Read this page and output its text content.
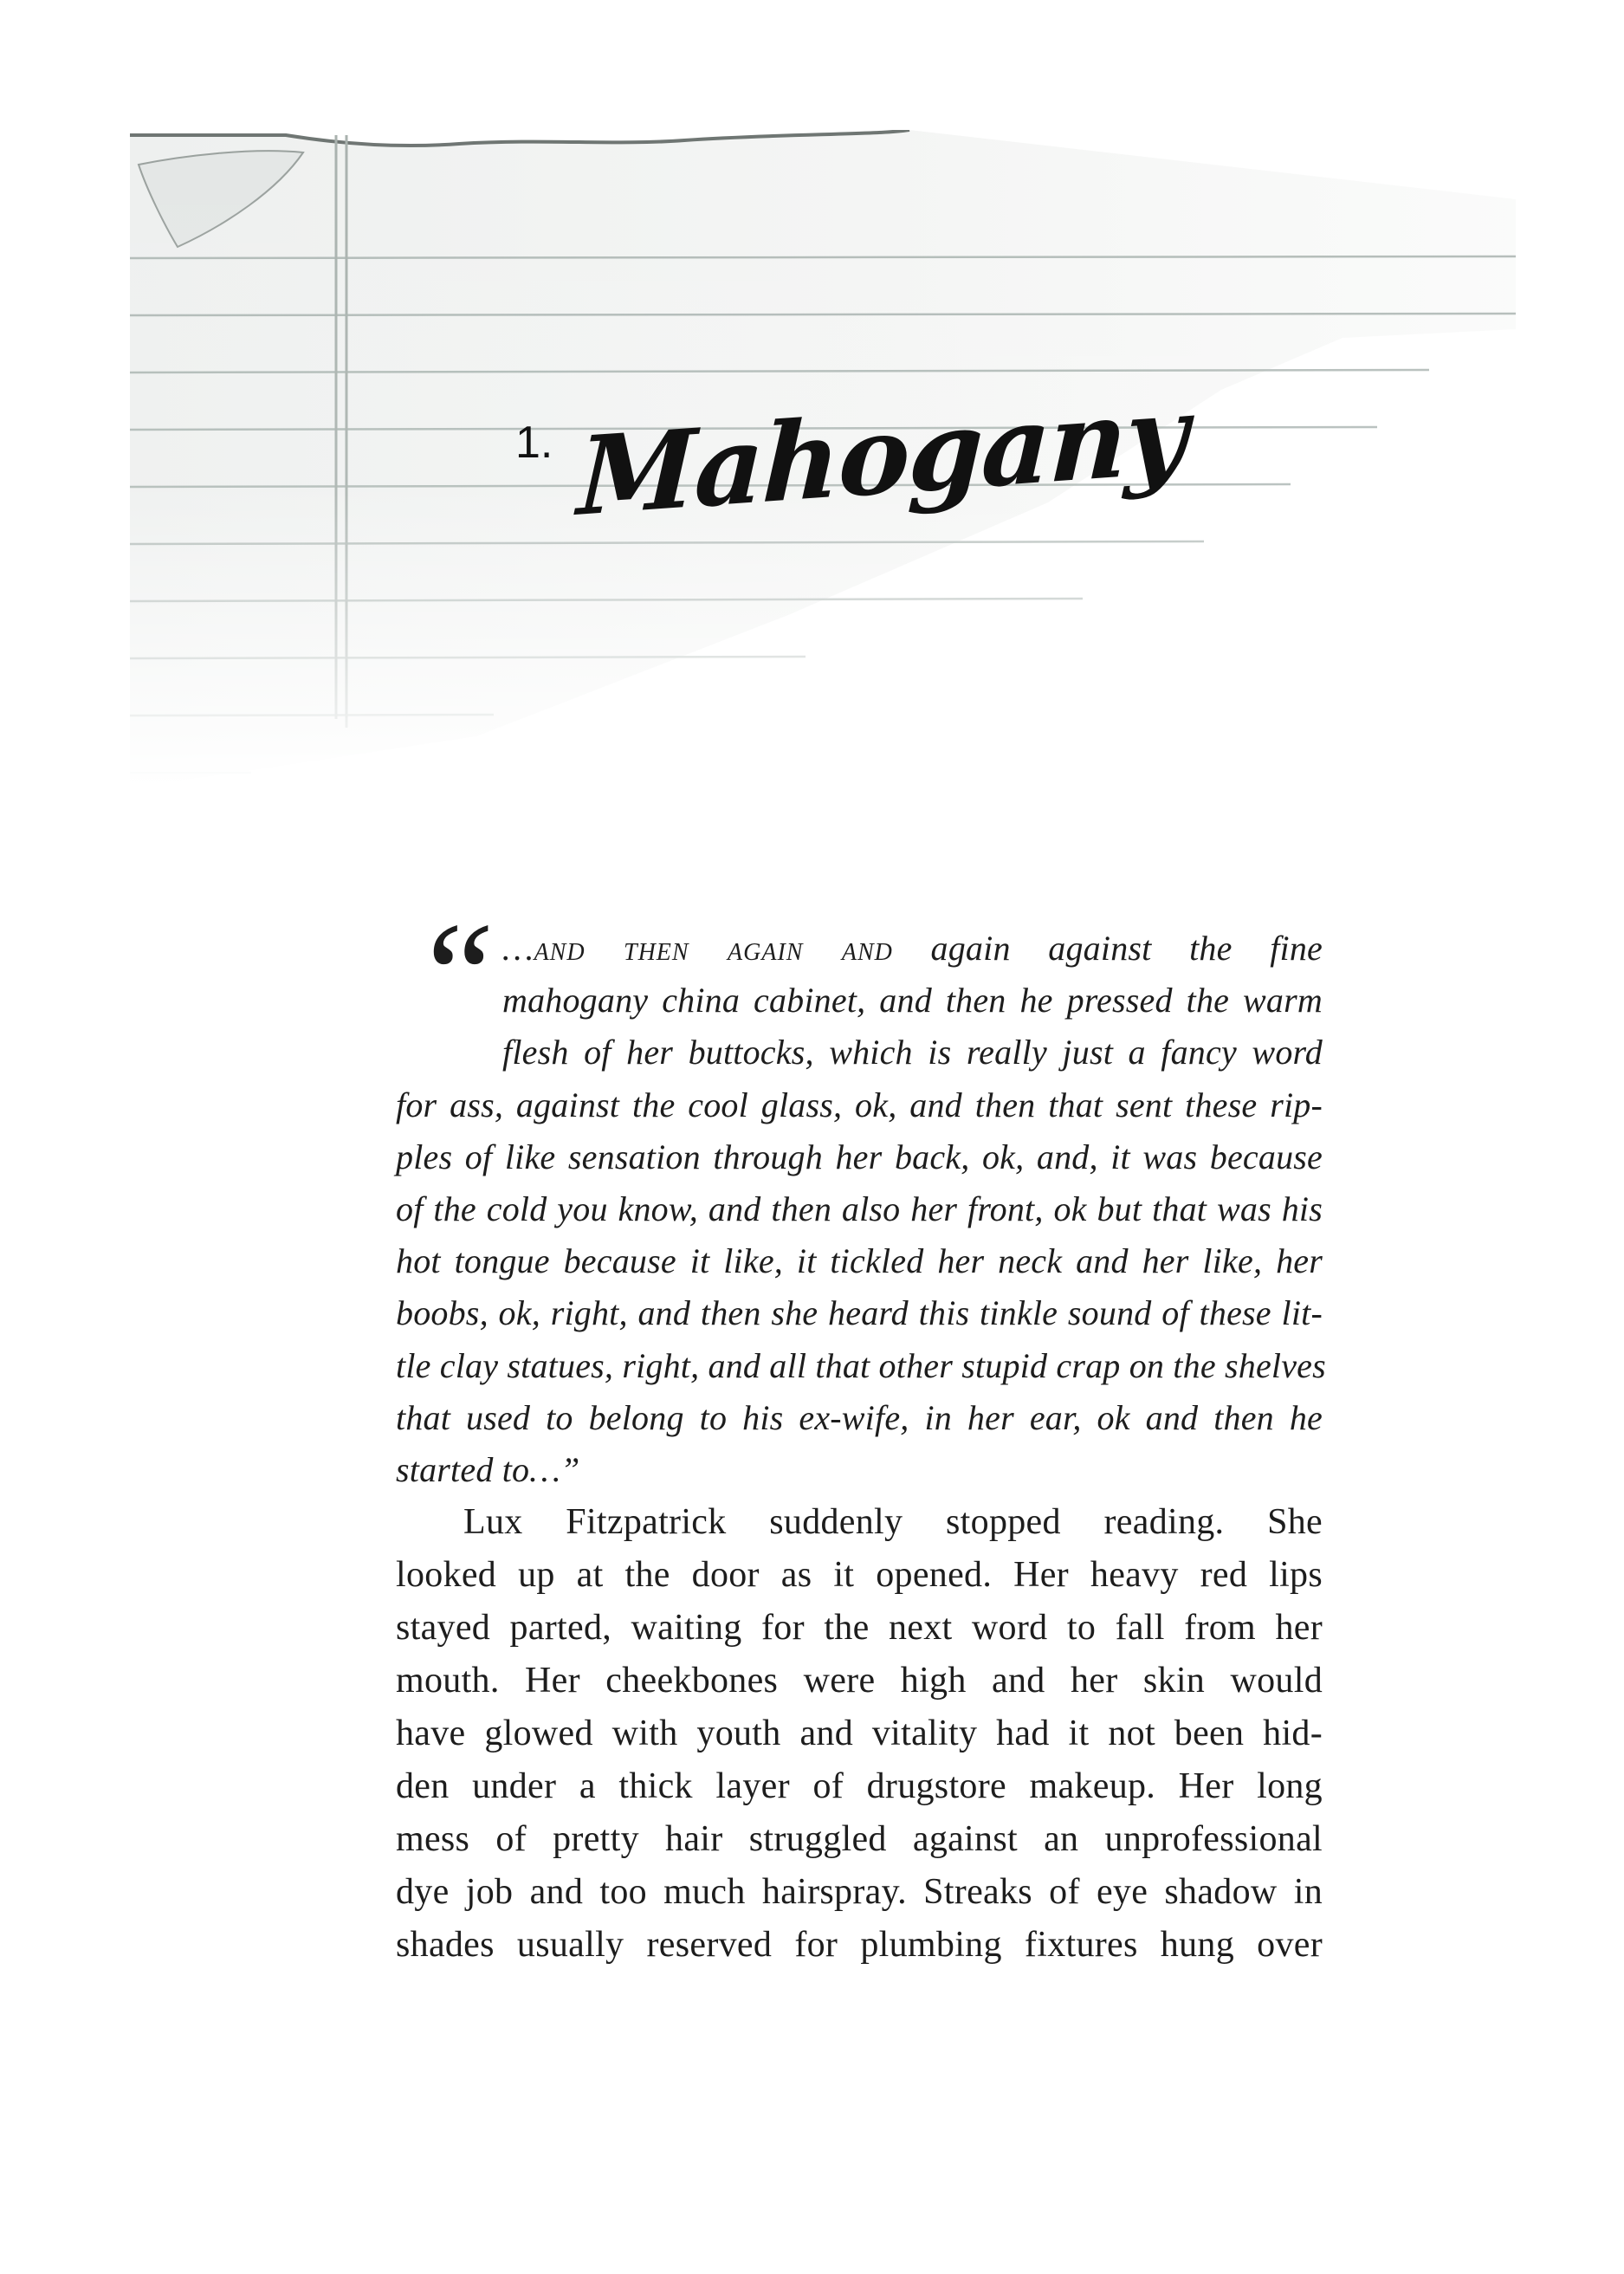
1. Mahogany
“ …and then again and again against the fine
mahogany china cabinet, and then he pressed the warm
flesh of her buttocks, which is really just a fancy word
for ass, against the cool glass, ok, and then that sent these rip-
ples of like sensation through her back, ok, and, it was because
of the cold you know, and then also her front, ok but that was his
hot tongue because it like, it tickled her neck and her like, her
boobs, ok, right, and then she heard this tinkle sound of these lit-
tle clay statues, right, and all that other stupid crap on the shelves
that used to belong to his ex-wife, in her ear, ok and then he
started to…”

Lux Fitzpatrick suddenly stopped reading. She
looked up at the door as it opened. Her heavy red lips
stayed parted, waiting for the next word to fall from her
mouth. Her cheekbones were high and her skin would
have glowed with youth and vitality had it not been hid-
den under a thick layer of drugstore makeup. Her long
mess of pretty hair struggled against an unprofessional
dye job and too much hairspray. Streaks of eye shadow in
shades usually reserved for plumbing fixtures hung over
